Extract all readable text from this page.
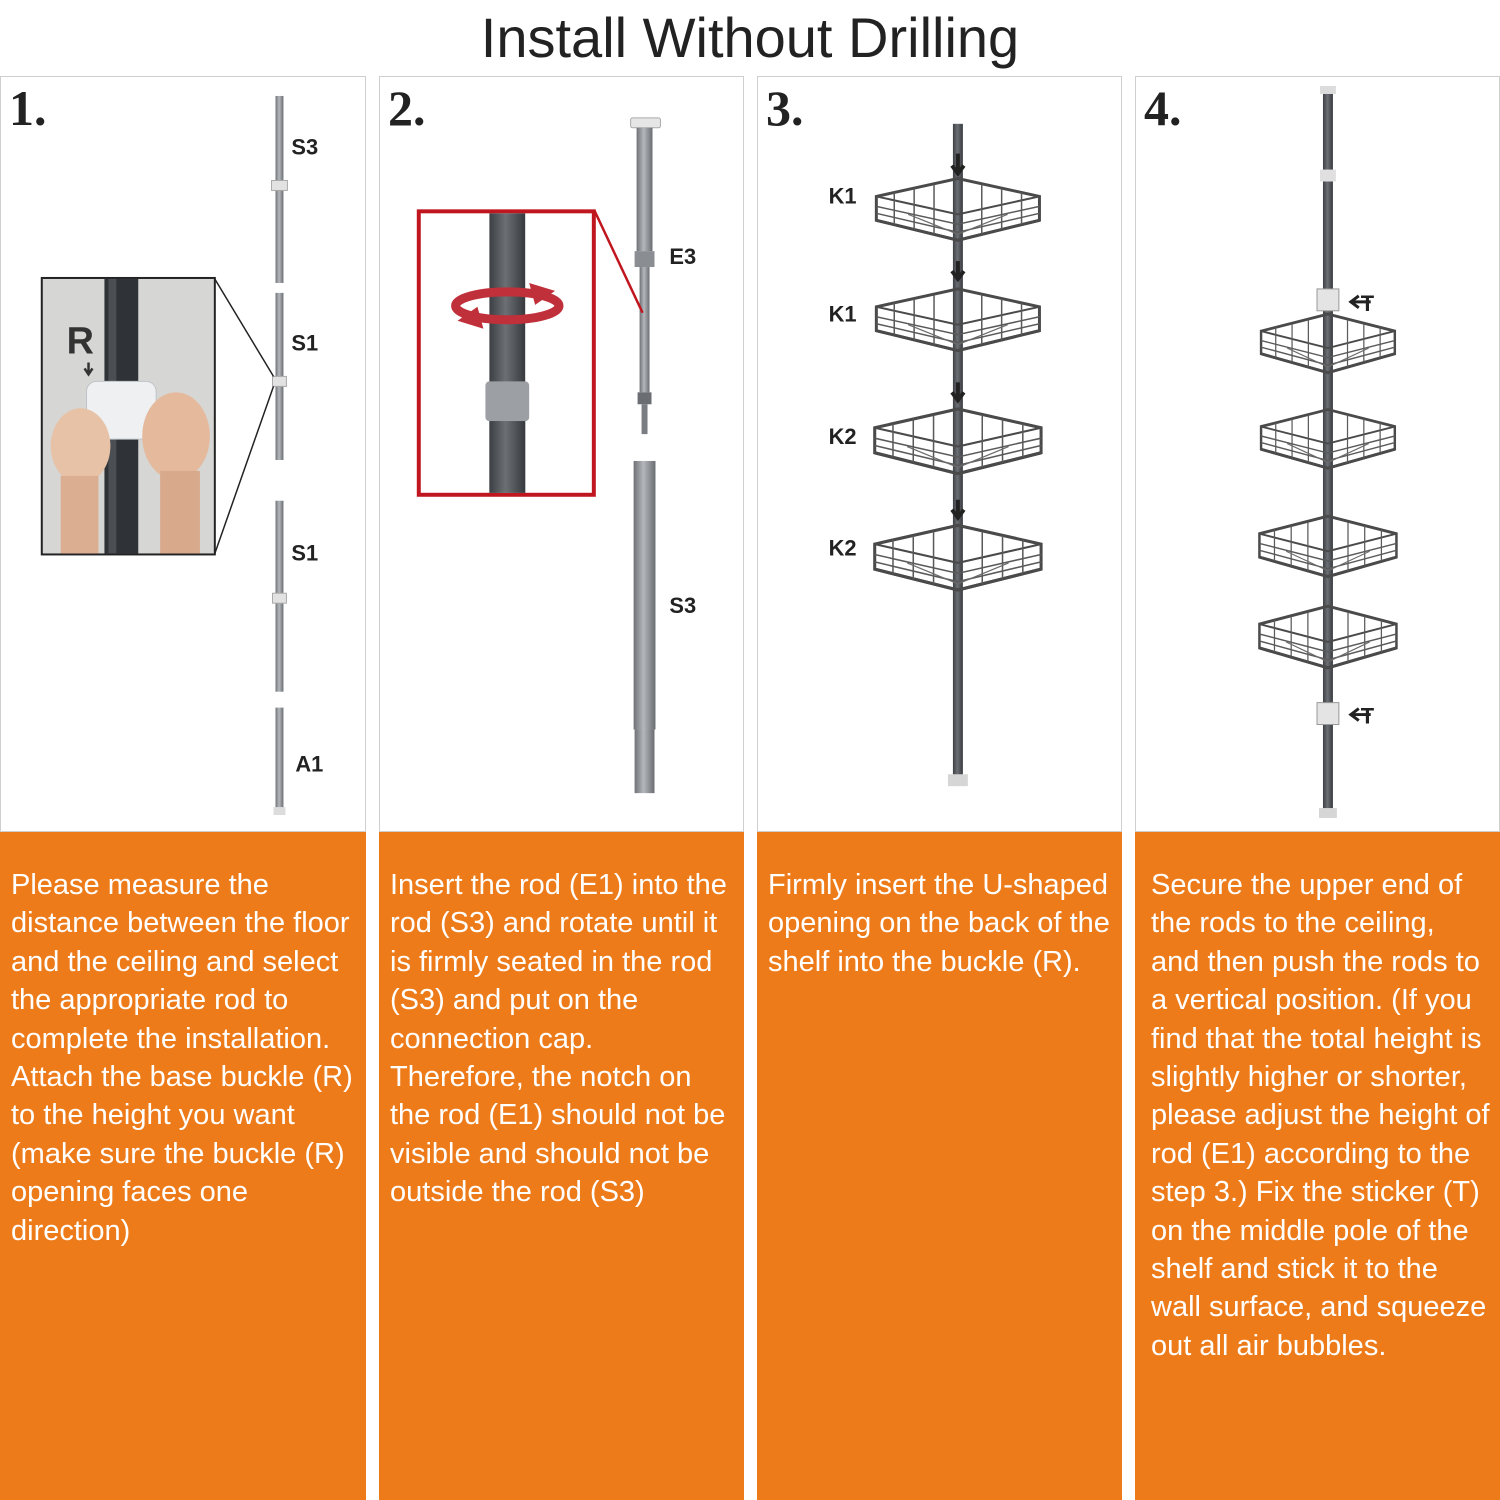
Install Without Drilling
1.
S3
S1
S1
A1
R
2.
E3
S3
3.
K1
K1
K2
K2
4.
T
T
Please measure the distance between the floor and the ceiling and select the appropriate rod to complete the installation. Attach the base buckle (R) to the height you want (make sure the buckle (R) opening faces one direction)
Insert the rod (E1) into the rod (S3) and rotate until it is firmly seated in the rod (S3) and put on the connection cap. Therefore, the notch on the rod (E1) should not be visible and should not be outside the rod (S3)
Firmly insert the U-shaped opening on the back of the shelf into the buckle (R).
Secure the upper end of the rods to the ceiling, and then push the rods to a vertical position. (If you find that the total height is slightly higher or shorter, please adjust the height of rod (E1) according to the step 3.) Fix the sticker (T) on the middle pole of the shelf and stick it to the wall surface, and squeeze out all air bubbles.
